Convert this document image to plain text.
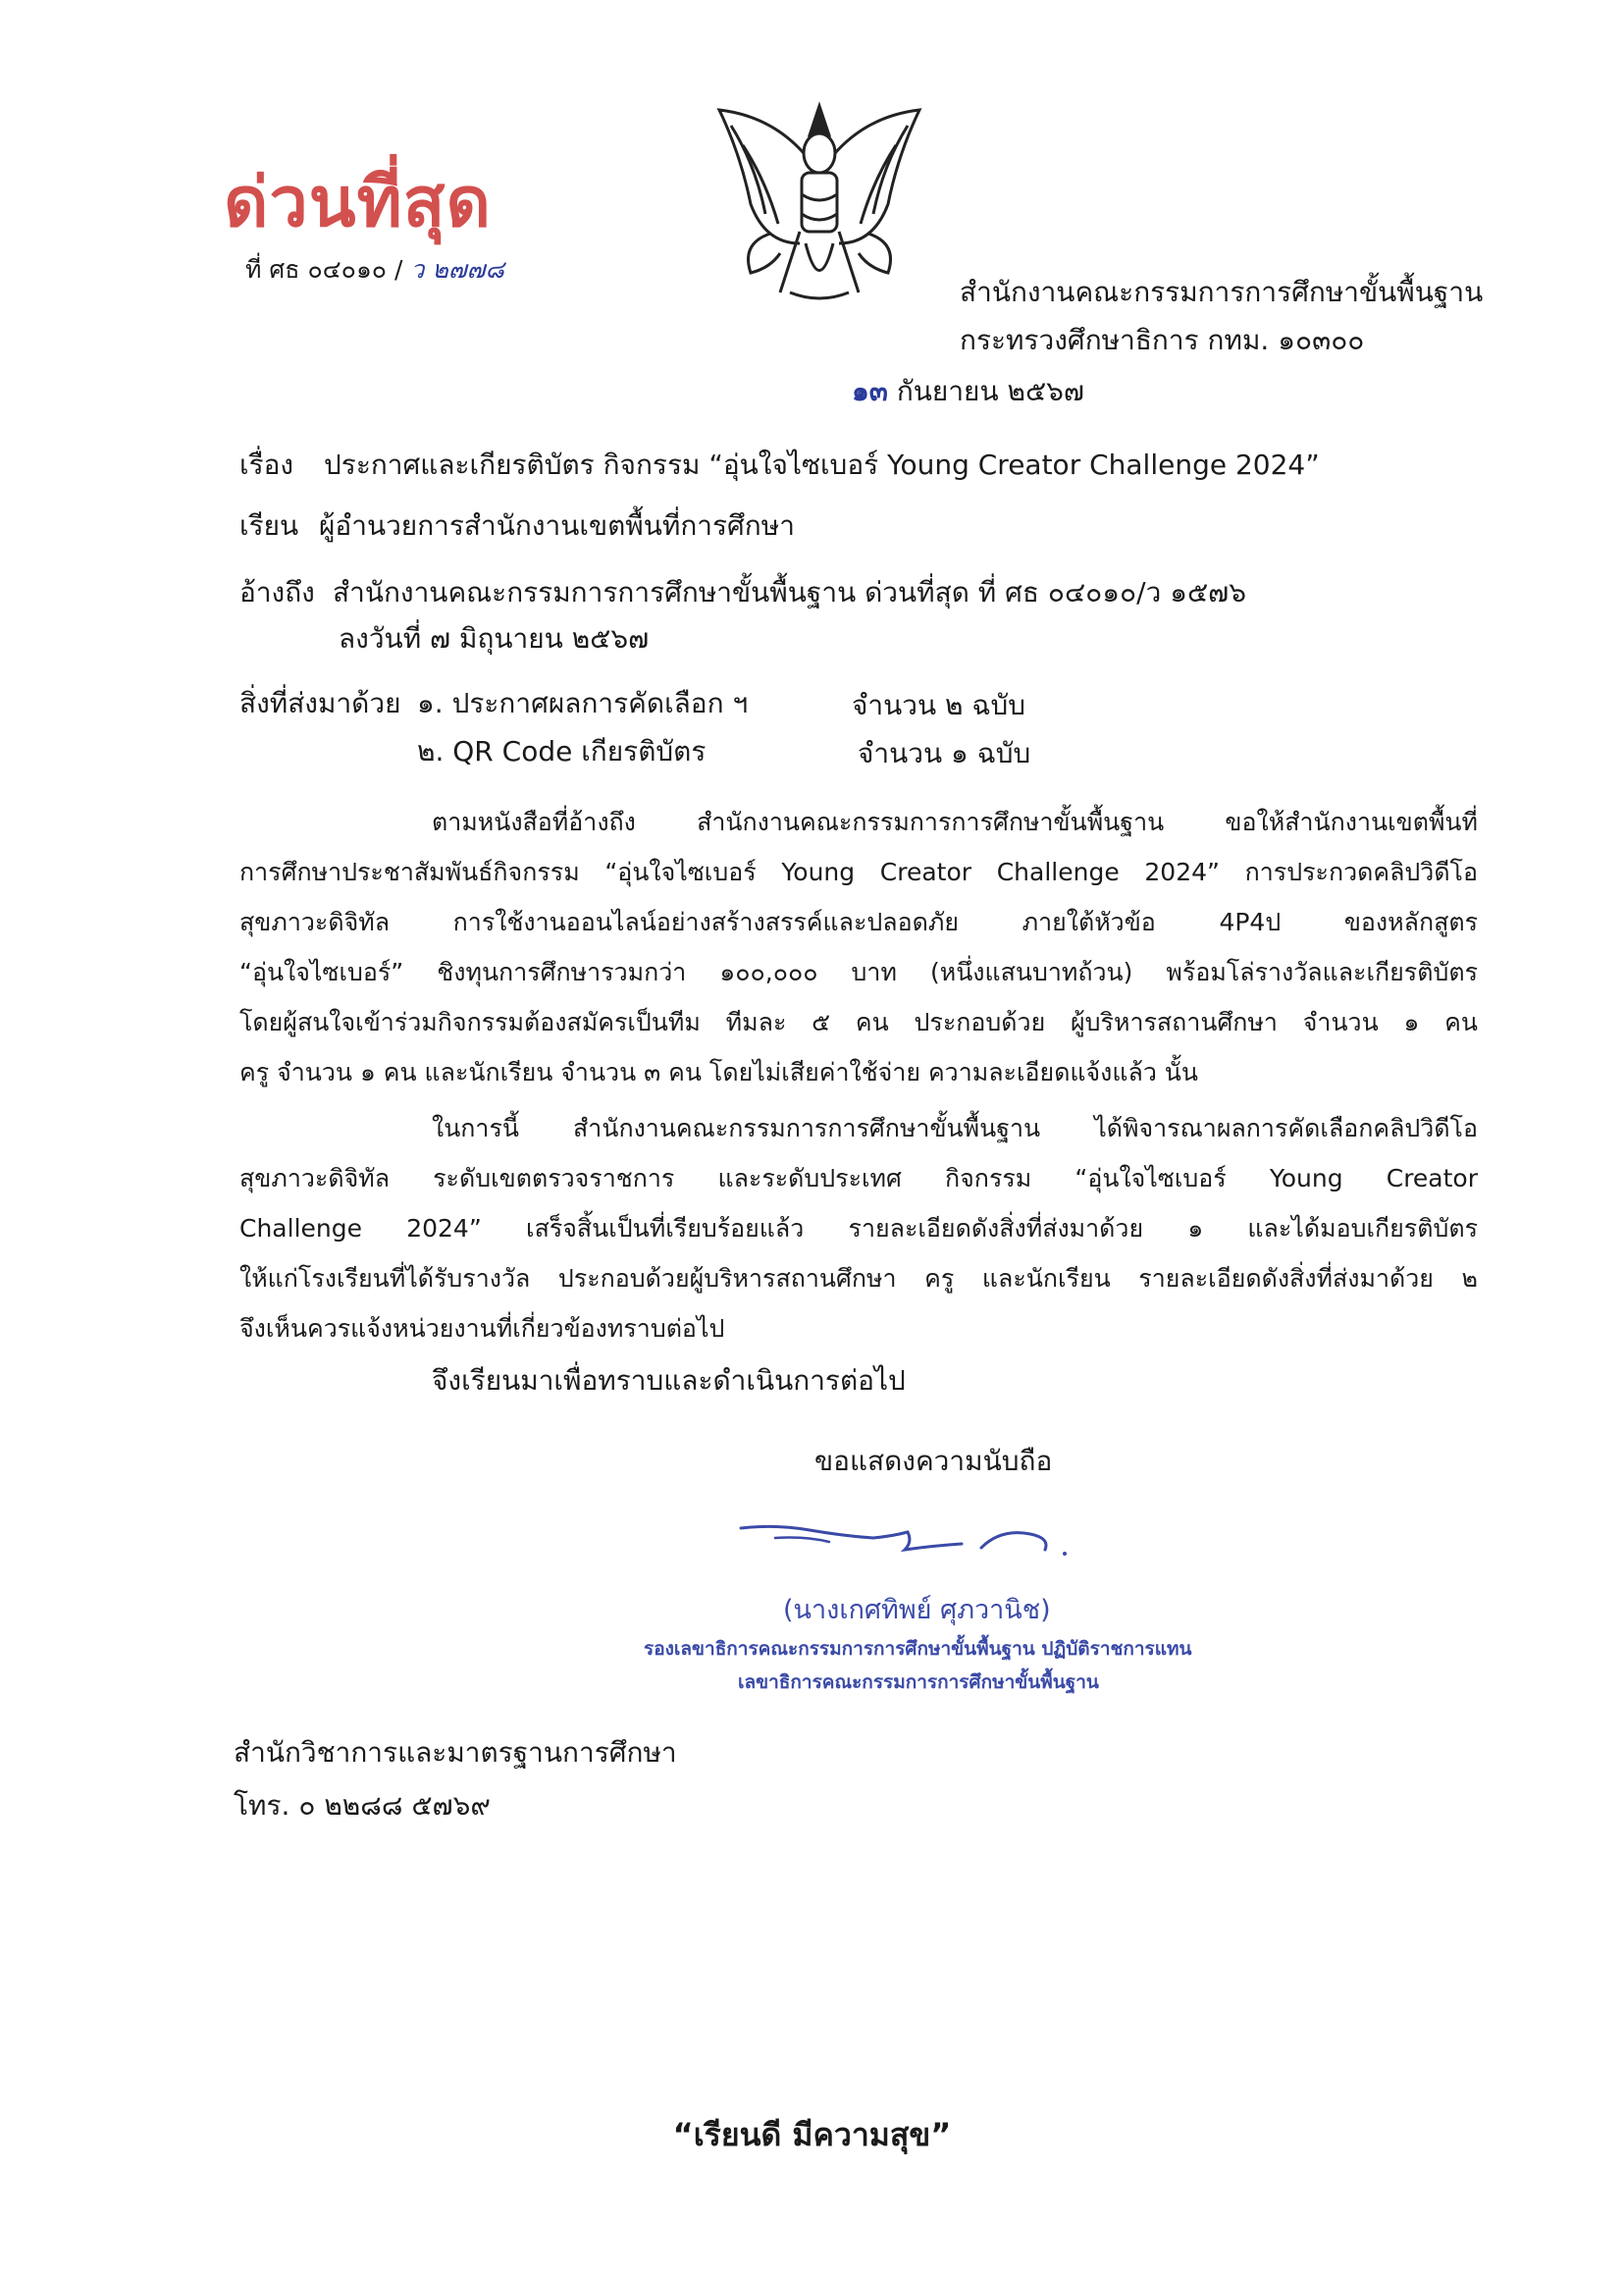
ด่วนที่สุด
ที่ ศธ ๐๔๐๑๐ / ว ๒๗๗๘
สำนักงานคณะกรรมการการศึกษาขั้นพื้นฐาน
กระทรวงศึกษาธิการ กทม. ๑๐๓๐๐
๑๓ กันยายน ๒๕๖๗
เรื่อง ประกาศและเกียรติบัตร กิจกรรม “อุ่นใจไซเบอร์ Young Creator Challenge 2024”
เรียน ผู้อำนวยการสำนักงานเขตพื้นที่การศึกษา
อ้างถึง สำนักงานคณะกรรมการการศึกษาขั้นพื้นฐาน ด่วนที่สุด ที่ ศธ ๐๔๐๑๐/ว ๑๕๗๖
ลงวันที่ ๗ มิถุนายน ๒๕๖๗
สิ่งที่ส่งมาด้วย ๑. ประกาศผลการคัดเลือก ฯ	จำนวน ๒ ฉบับ
๒. QR Code เกียรติบัตร	จำนวน ๑ ฉบับ
ตามหนังสือที่อ้างถึง สำนักงานคณะกรรมการการศึกษาขั้นพื้นฐาน ขอให้สำนักงานเขตพื้นที่
การศึกษาประชาสัมพันธ์กิจกรรม “อุ่นใจไซเบอร์ Young Creator Challenge 2024” การประกวดคลิปวิดีโอ
สุขภาวะดิจิทัล การใช้งานออนไลน์อย่างสร้างสรรค์และปลอดภัย ภายใต้หัวข้อ 4P4ป ของหลักสูตร
“อุ่นใจไซเบอร์” ชิงทุนการศึกษารวมกว่า ๑๐๐,๐๐๐ บาท (หนึ่งแสนบาทถ้วน) พร้อมโล่รางวัลและเกียรติบัตร
โดยผู้สนใจเข้าร่วมกิจกรรมต้องสมัครเป็นทีม ทีมละ ๕ คน ประกอบด้วย ผู้บริหารสถานศึกษา จำนวน ๑ คน
ครู จำนวน ๑ คน และนักเรียน จำนวน ๓ คน โดยไม่เสียค่าใช้จ่าย ความละเอียดแจ้งแล้ว นั้น
ในการนี้ สำนักงานคณะกรรมการการศึกษาขั้นพื้นฐาน ได้พิจารณาผลการคัดเลือกคลิปวิดีโอ
สุขภาวะดิจิทัล ระดับเขตตรวจราชการ และระดับประเทศ กิจกรรม “อุ่นใจไซเบอร์ Young Creator
Challenge 2024” เสร็จสิ้นเป็นที่เรียบร้อยแล้ว รายละเอียดดังสิ่งที่ส่งมาด้วย ๑ และได้มอบเกียรติบัตร
ให้แก่โรงเรียนที่ได้รับรางวัล ประกอบด้วยผู้บริหารสถานศึกษา ครู และนักเรียน รายละเอียดดังสิ่งที่ส่งมาด้วย ๒
จึงเห็นควรแจ้งหน่วยงานที่เกี่ยวข้องทราบต่อไป
จึงเรียนมาเพื่อทราบและดำเนินการต่อไป
ขอแสดงความนับถือ
(นางเกศทิพย์ ศุภวานิช)
รองเลขาธิการคณะกรรมการการศึกษาขั้นพื้นฐาน ปฏิบัติราชการแทน
เลขาธิการคณะกรรมการการศึกษาขั้นพื้นฐาน
สำนักวิชาการและมาตรฐานการศึกษา
โทร. ๐ ๒๒๘๘ ๕๗๖๙
“เรียนดี มีความสุข”
